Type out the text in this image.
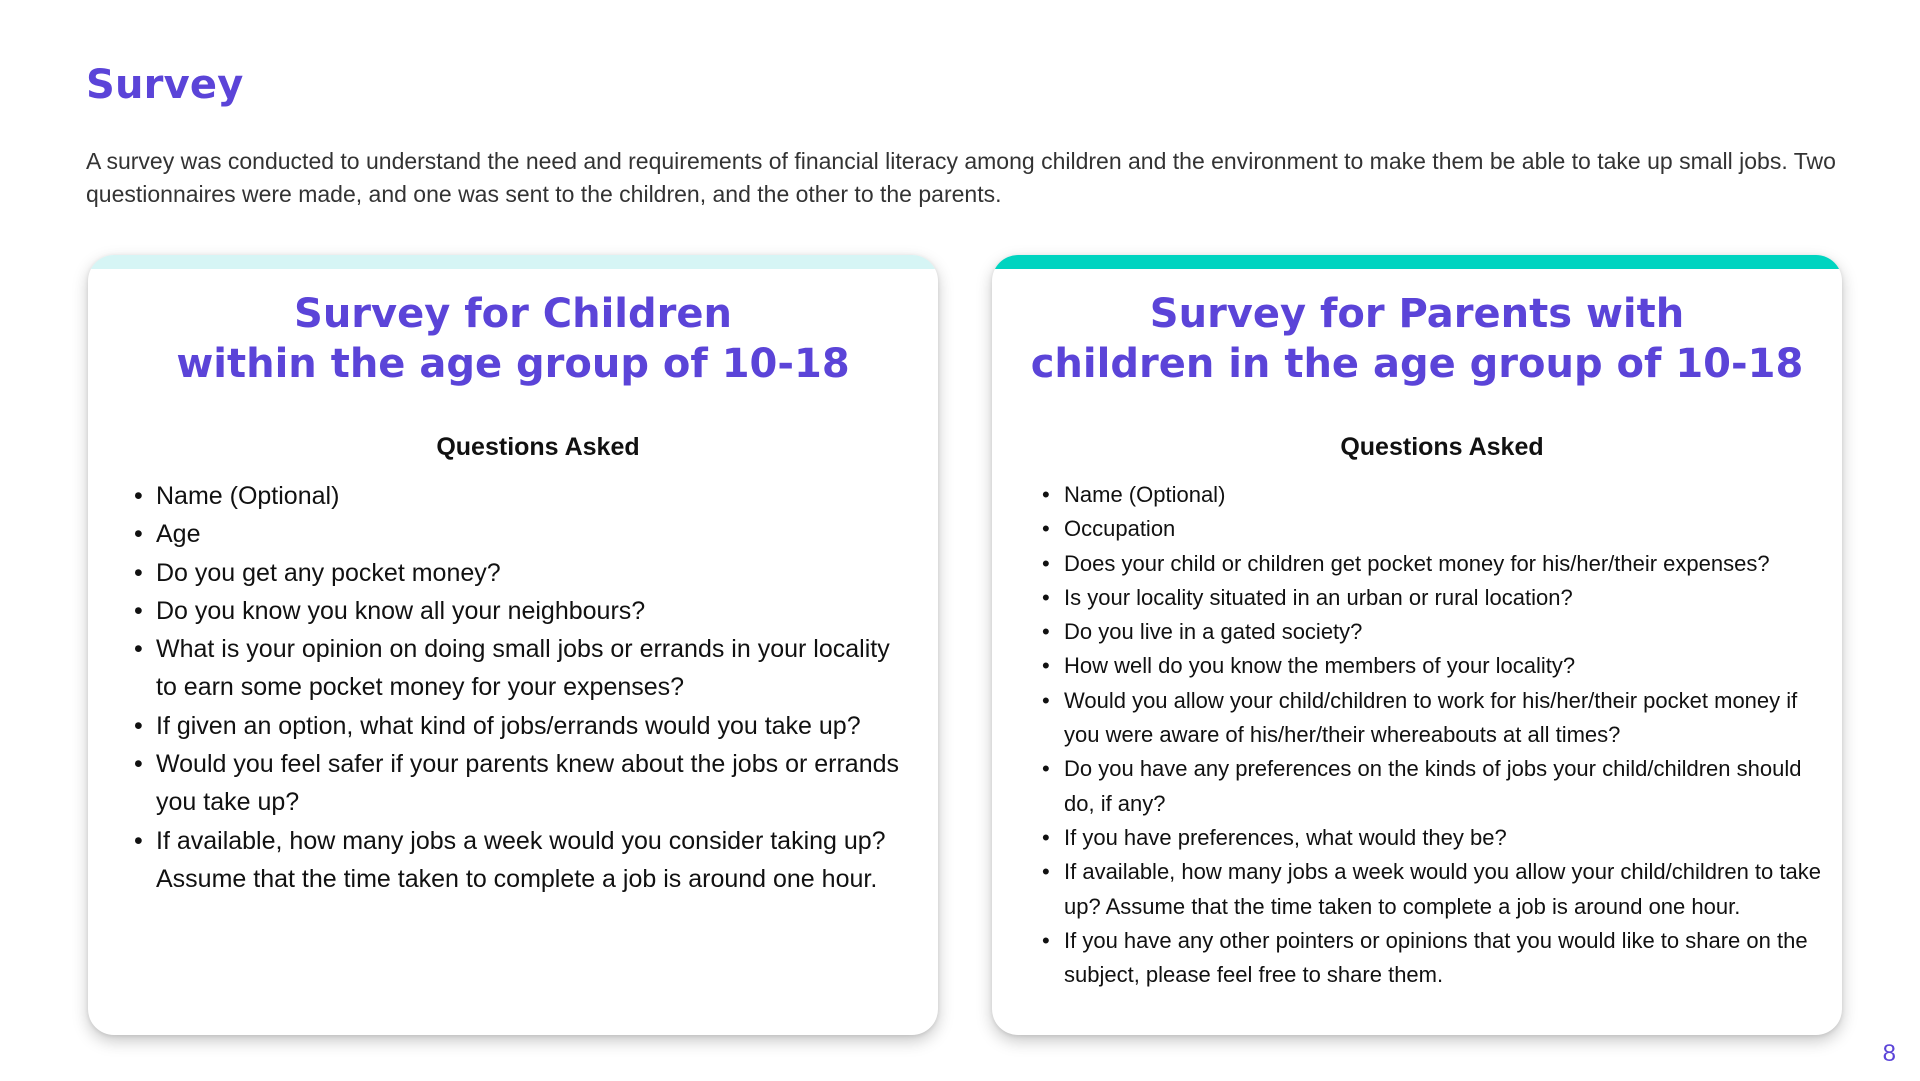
Survey

A survey was conducted to understand the need and requirements of financial literacy among children and the environment to make them be able to take up small jobs. Two questionnaires were made, and one was sent to the children, and the other to the parents.

Survey for Children
within the age group of 10-18
Questions Asked
• Name (Optional)
• Age
• Do you get any pocket money?
• Do you know you know all your neighbours?
• What is your opinion on doing small jobs or errands in your locality to earn some pocket money for your expenses?
• If given an option, what kind of jobs/errands would you take up?
• Would you feel safer if your parents knew about the jobs or errands you take up?
• If available, how many jobs a week would you consider taking up? Assume that the time taken to complete a job is around one hour.
Survey for Parents with
children in the age group of 10-18
Questions Asked
• Name (Optional)
• Occupation
• Does your child or children get pocket money for his/her/their expenses?
• Is your locality situated in an urban or rural location?
• Do you live in a gated society?
• How well do you know the members of your locality?
• Would you allow your child/children to work for his/her/their pocket money if you were aware of his/her/their whereabouts at all times?
• Do you have any preferences on the kinds of jobs your child/children should do, if any?
• If you have preferences, what would they be?
• If available, how many jobs a week would you allow your child/children to take up? Assume that the time taken to complete a job is around one hour.
• If you have any other pointers or opinions that you would like to share on the subject, please feel free to share them.
8
